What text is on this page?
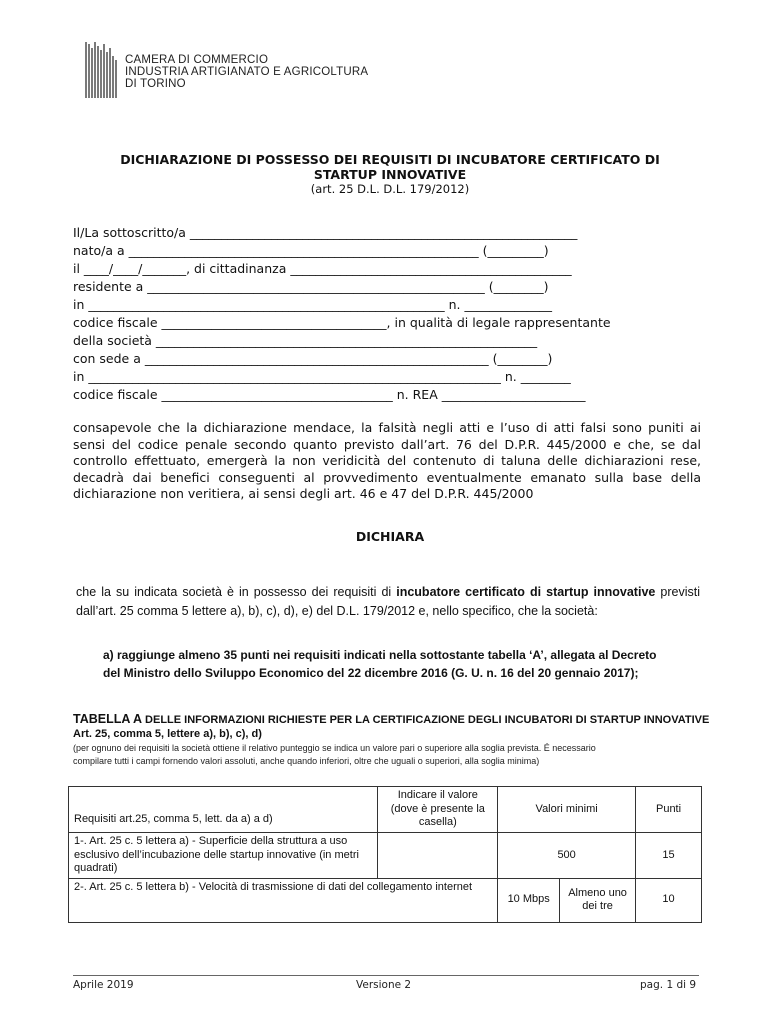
CAMERA DI COMMERCIO
INDUSTRIA ARTIGIANATO E AGRICOLTURA
DI TORINO
DICHIARAZIONE DI POSSESSO DEI REQUISITI DI INCUBATORE CERTIFICATO DI
STARTUP INNOVATIVE
(art. 25 D.L. D.L. 179/2012)
Il/La sottoscritto/a ______________________________________________________________
nato/a a ________________________________________________________ (_________)
il ____/____/_______, di cittadinanza _____________________________________________
residente a ______________________________________________________ (________)
in _________________________________________________________ n. ______________
codice fiscale ____________________________________, in qualità di legale rappresentante
della società _____________________________________________________________
con sede a _______________________________________________________ (________)
in __________________________________________________________________ n. ________
codice fiscale _____________________________________ n. REA _______________________
consapevole che la dichiarazione mendace, la falsità negli atti e l’uso di atti falsi sono puniti ai sensi del codice penale secondo quanto previsto dall’art. 76 del D.P.R. 445/2000 e che, se dal controllo effettuato, emergerà la non veridicità del contenuto di taluna delle dichiarazioni rese, decadrà dai benefici conseguenti al provvedimento eventualmente emanato sulla base della dichiarazione non veritiera, ai sensi degli art. 46 e 47 del D.P.R. 445/2000
DICHIARA
che la su indicata società è in possesso dei requisiti di incubatore certificato di startup innovative previsti dall’art. 25 comma 5 lettere a), b), c), d), e) del D.L. 179/2012 e, nello specifico, che la società:
a) raggiunge almeno 35 punti nei requisiti indicati nella sottostante tabella ‘A’, allegata al Decreto
del Ministro dello Sviluppo Economico del 22 dicembre 2016 (G. U. n. 16 del 20 gennaio 2017);
TABELLA A DELLE INFORMAZIONI RICHIESTE PER LA CERTIFICAZIONE DEGLI INCUBATORI DI STARTUP INNOVATIVE
Art. 25, comma 5, lettere a), b), c), d)
(per ognuno dei requisiti la società ottiene il relativo punteggio se indica un valore pari o superiore alla soglia prevista. É necessario
compilare tutti i campi fornendo valori assoluti, anche quando inferiori, oltre che uguali o superiori, alla soglia minima)
Requisiti art.25, comma 5, lett. da a) a d)	Indicare il valore (dove è presente la casella)	Valori minimi		Punti
1-. Art. 25 c. 5 lettera a) - Superficie della struttura a uso esclusivo dell’incubazione delle startup innovative (in metri quadrati)		500		15
2-. Art. 25 c. 5 lettera b) - Velocità di trasmissione di dati del collegamento internet		10 Mbps	Almeno uno dei tre	10
Aprile 2019	Versione 2	pag. 1 di 9
